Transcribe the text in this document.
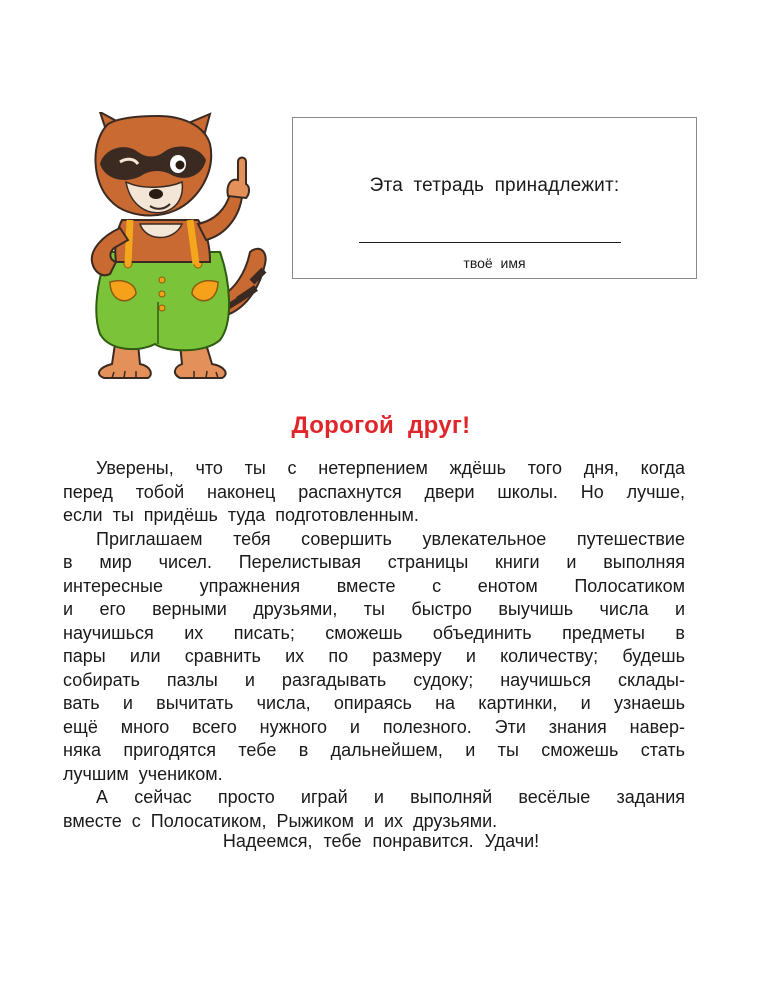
Эта тетрадь принадлежит:
твоё имя
Дорогой друг!
Уверены, что ты с нетерпением ждёшь того дня, когда
перед тобой наконец распахнутся двери школы. Но лучше,
если ты придёшь туда подготовленным.
Приглашаем тебя совершить увлекательное путешествие
в мир чисел. Перелистывая страницы книги и выполняя
интересные упражнения вместе с енотом Полосатиком
и его верными друзьями, ты быстро выучишь числа и
научишься их писать; сможешь объединить предметы в
пары или сравнить их по размеру и количеству; будешь
собирать пазлы и разгадывать судоку; научишься склады-
вать и вычитать числа, опираясь на картинки, и узнаешь
ещё много всего нужного и полезного. Эти знания навер-
няка пригодятся тебе в дальнейшем, и ты сможешь стать
лучшим учеником.
А сейчас просто играй и выполняй весёлые задания
вместе с Полосатиком, Рыжиком и их друзьями.
Надеемся, тебе понравится. Удачи!
